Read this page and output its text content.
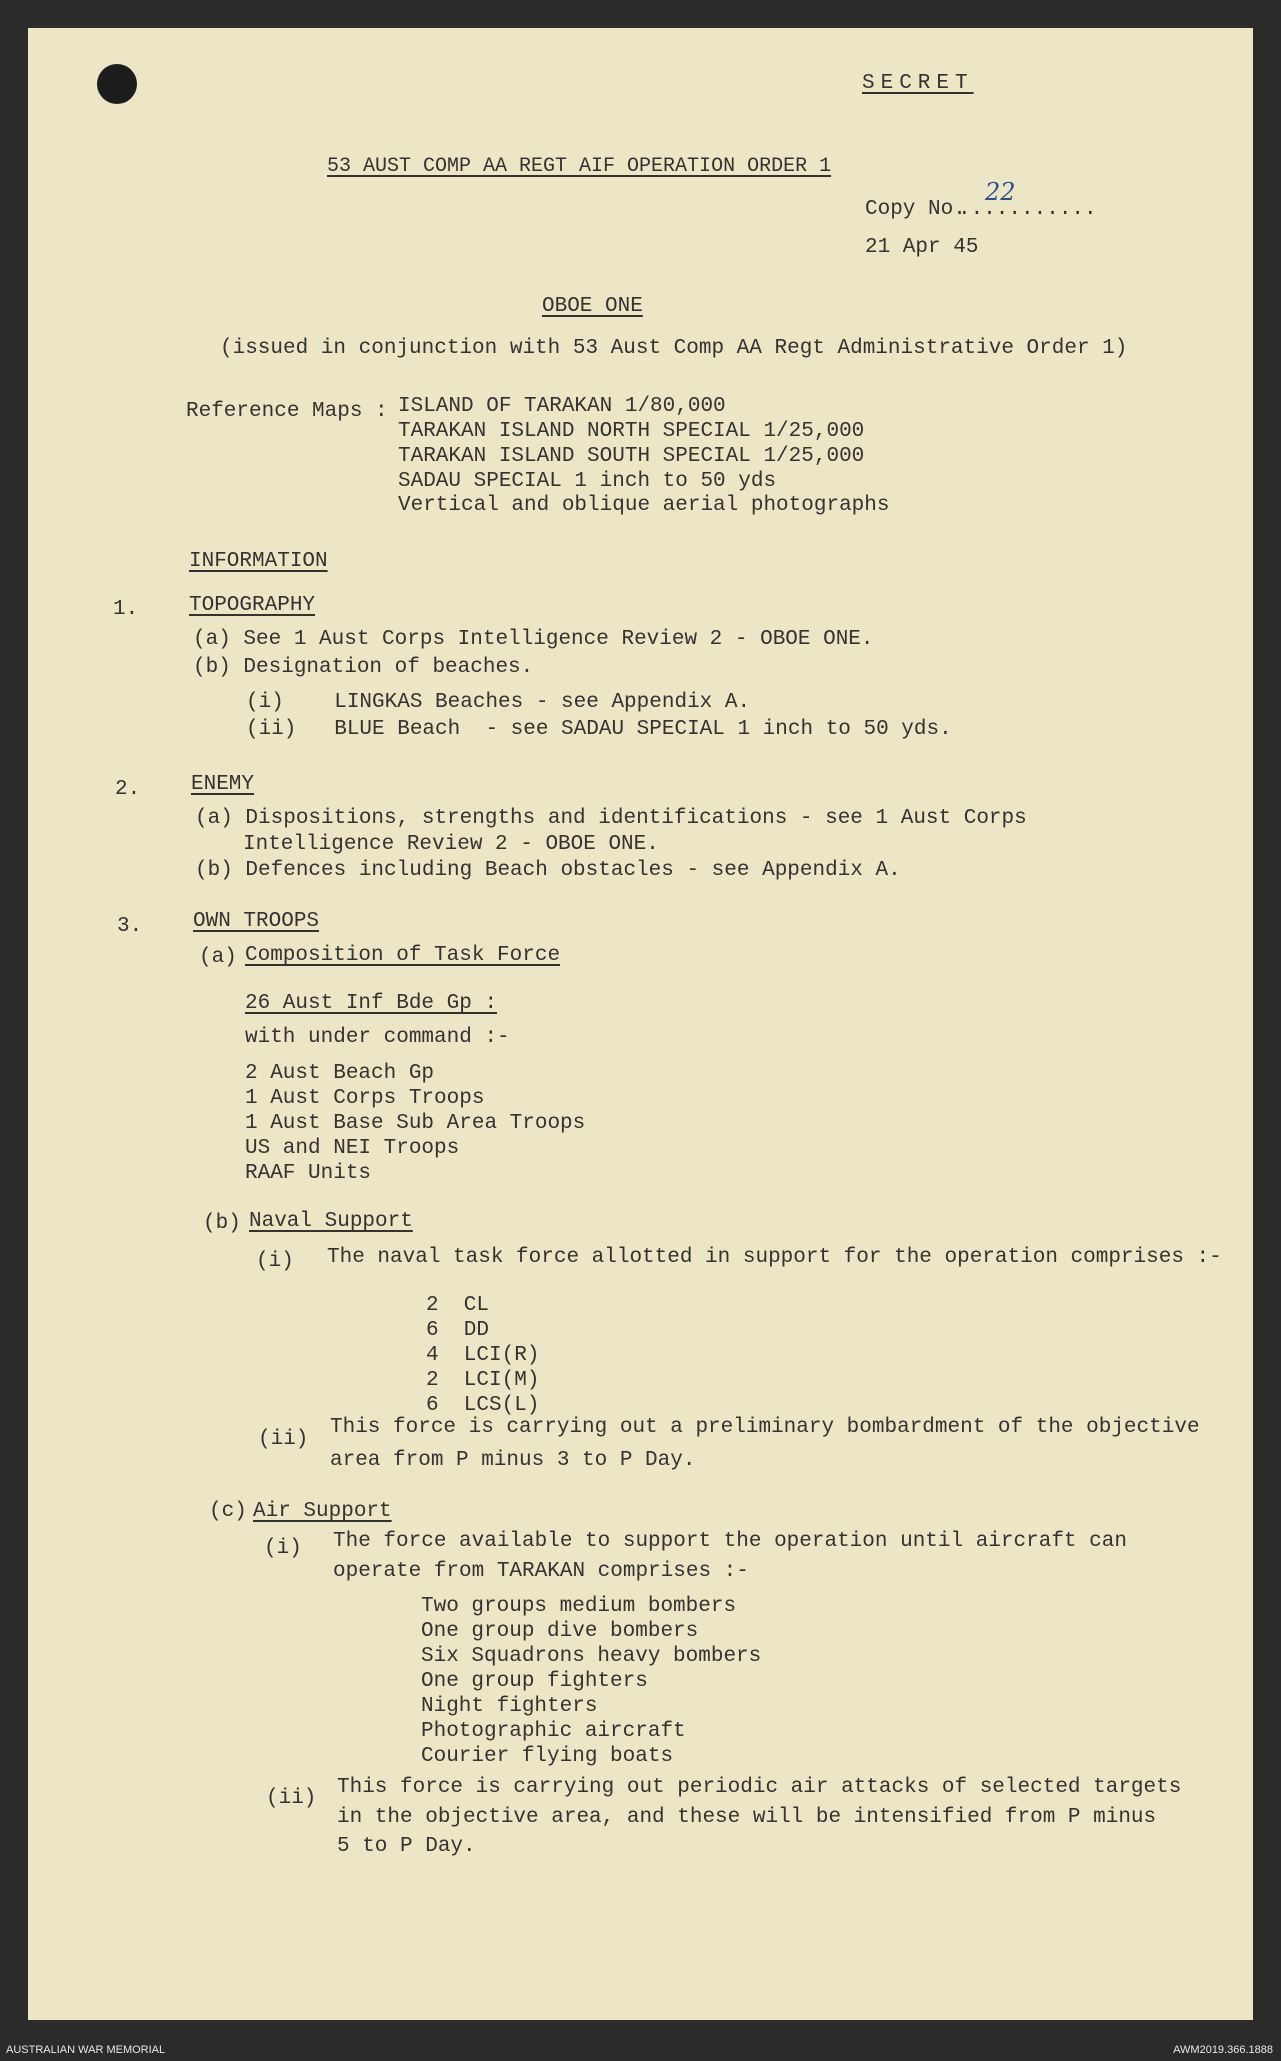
SECRET
53 AUST COMP AA REGT AIF OPERATION ORDER 1
Copy No.
22
...........
21 Apr 45
OBOE ONE
(issued in conjunction with 53 Aust Comp AA Regt Administrative Order 1)
Reference Maps : ISLAND OF TARAKAN 1/80,000
TARAKAN ISLAND NORTH SPECIAL 1/25,000
TARAKAN ISLAND SOUTH SPECIAL 1/25,000
SADAU SPECIAL 1 inch to 50 yds
Vertical and oblique aerial photographs
INFORMATION
1. TOPOGRAPHY
(a) See 1 Aust Corps Intelligence Review 2 - OBOE ONE.
(b) Designation of beaches.
(i)    LINGKAS Beaches - see Appendix A.
(ii)   BLUE Beach  - see SADAU SPECIAL 1 inch to 50 yds.
2. ENEMY
(a) Dispositions, strengths and identifications - see 1 Aust Corps
Intelligence Review 2 - OBOE ONE.
(b) Defences including Beach obstacles - see Appendix A.
3. OWN TROOPS
(a) Composition of Task Force
26 Aust Inf Bde Gp :
with under command :-
2 Aust Beach Gp
1 Aust Corps Troops
1 Aust Base Sub Area Troops
US and NEI Troops
RAAF Units
(b) Naval Support
(i) The naval task force allotted in support for the operation comprises :-
2  CL
6  DD
4  LCI(R)
2  LCI(M)
6  LCS(L)
(ii)
This force is carrying out a preliminary bombardment of the objective
area from P minus 3 to P Day.
(c) Air Support
(i) The force available to support the operation until aircraft can
operate from TARAKAN comprises :-
Two groups medium bombers
One group dive bombers
Six Squadrons heavy bombers
One group fighters
Night fighters
Photographic aircraft
Courier flying boats
(ii) This force is carrying out periodic air attacks of selected targets
in the objective area, and these will be intensified from P minus
5 to P Day.
AUSTRALIAN WAR MEMORIAL	AWM2019.366.1888
